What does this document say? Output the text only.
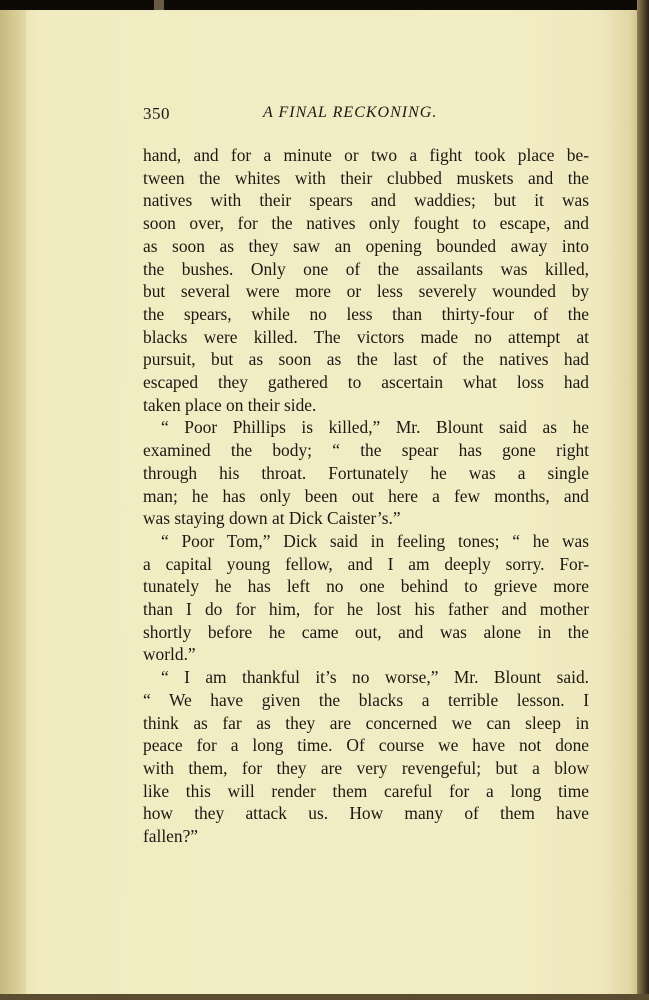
350	A FINAL RECKONING.
hand, and for a minute or two a fight took place be-
tween the whites with their clubbed muskets and the
natives with their spears and waddies; but it was
soon over, for the natives only fought to escape, and
as soon as they saw an opening bounded away into
the bushes. Only one of the assailants was killed,
but several were more or less severely wounded by
the spears, while no less than thirty-four of the
blacks were killed. The victors made no attempt at
pursuit, but as soon as the last of the natives had
escaped they gathered to ascertain what loss had
taken place on their side.
“ Poor Phillips is killed,” Mr. Blount said as he
examined the body; “ the spear has gone right
through his throat. Fortunately he was a single
man; he has only been out here a few months, and
was staying down at Dick Caister’s.”
“ Poor Tom,” Dick said in feeling tones; “ he was
a capital young fellow, and I am deeply sorry. For-
tunately he has left no one behind to grieve more
than I do for him, for he lost his father and mother
shortly before he came out, and was alone in the
world.”
“ I am thankful it’s no worse,” Mr. Blount said.
“ We have given the blacks a terrible lesson. I
think as far as they are concerned we can sleep in
peace for a long time. Of course we have not done
with them, for they are very revengeful; but a blow
like this will render them careful for a long time
how they attack us. How many of them have
fallen?”
